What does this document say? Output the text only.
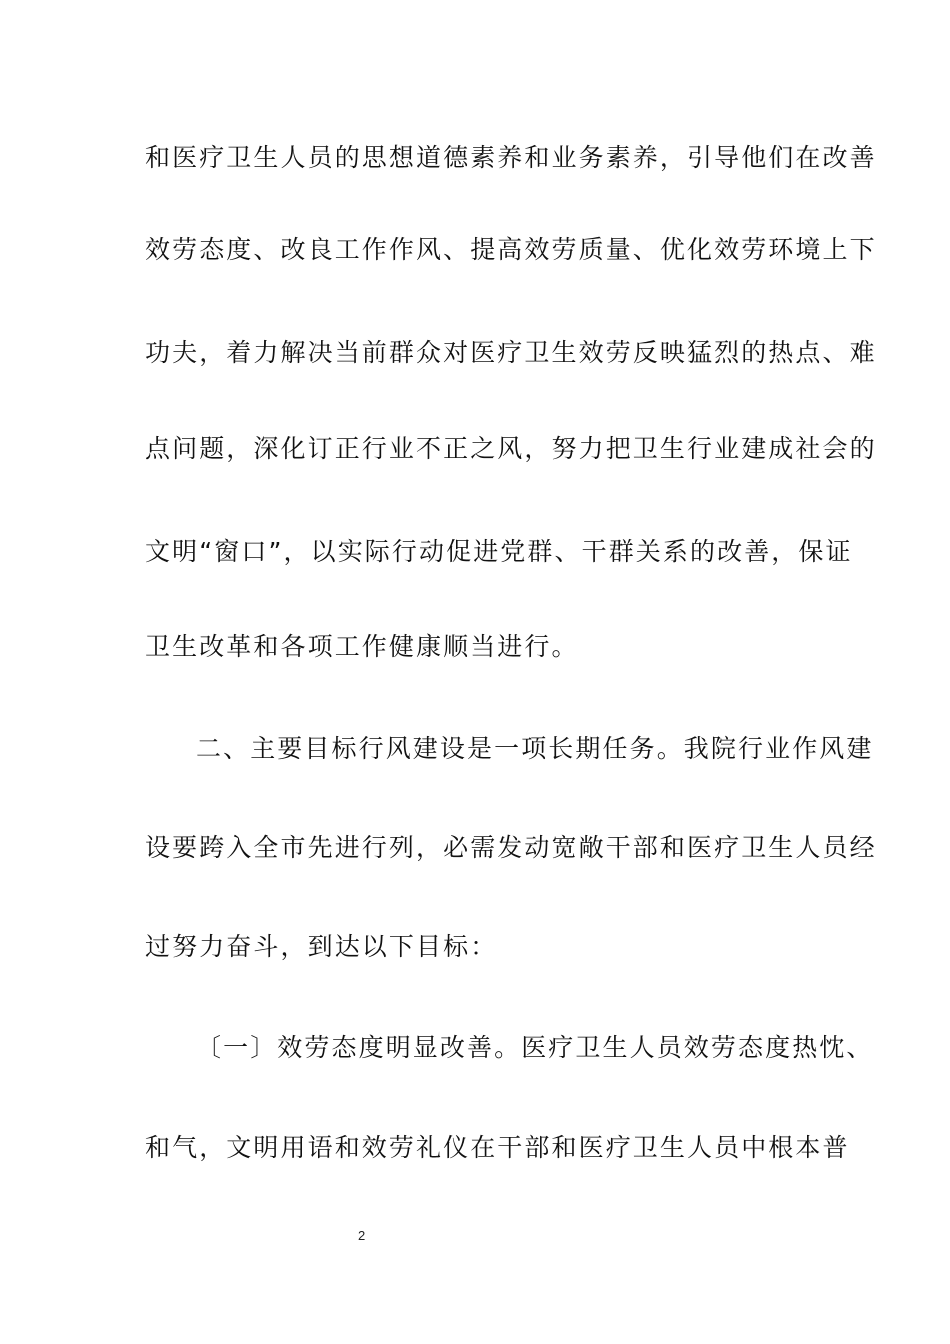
和医疗卫生人员的思想道德素养和业务素养，引导他们在改善
效劳态度、改良工作作风、提高效劳质量、优化效劳环境上下
功夫，着力解决当前群众对医疗卫生效劳反映猛烈的热点、难
点问题，深化订正行业不正之风，努力把卫生行业建成社会的
文明“窗口”，以实际行动促进党群、干群关系的改善，保证
卫生改革和各项工作健康顺当进行。
二、主要目标行风建设是一项长期任务。我院行业作风建
设要跨入全市先进行列，必需发动宽敞干部和医疗卫生人员经
过努力奋斗，到达以下目标：
〔一〕效劳态度明显改善。医疗卫生人员效劳态度热忱、
和气，文明用语和效劳礼仪在干部和医疗卫生人员中根本普
2
